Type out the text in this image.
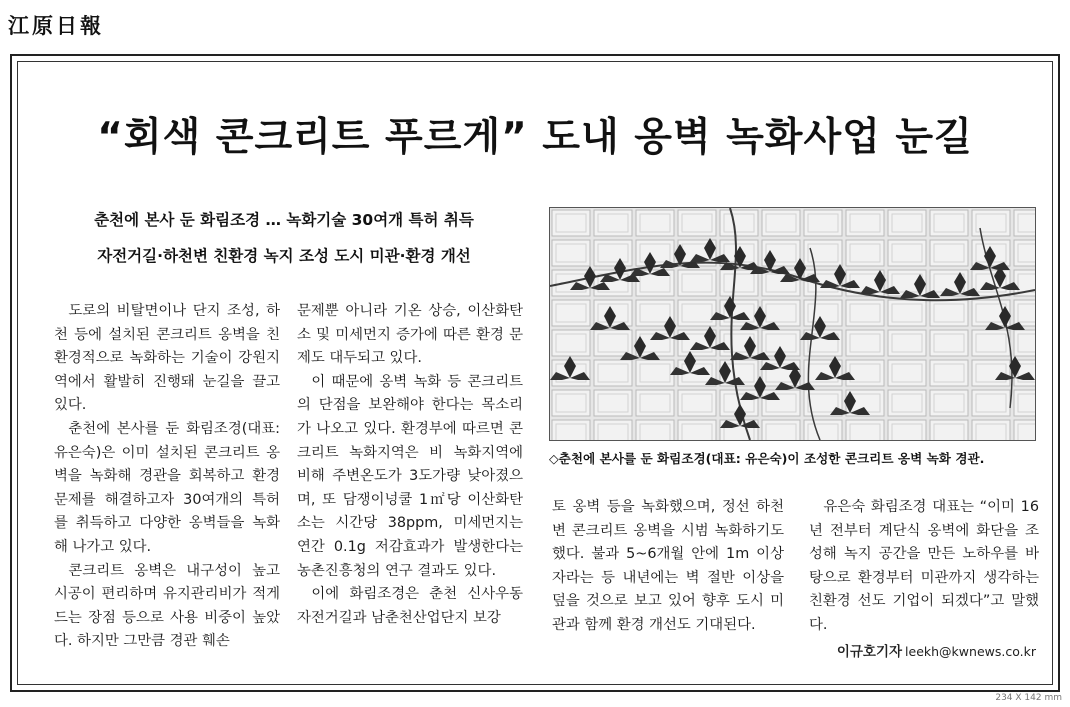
江原日報
“회색 콘크리트 푸르게” 도내 옹벽 녹화사업 눈길
춘천에 본사 둔 화림조경 … 녹화기술 30여개 특허 취득
자전거길·하천변 친환경 녹지 조성 도시 미관·환경 개선

도로의 비탈면이나 단지 조성, 하천 등에 설치된 콘크리트 옹벽을 친환경적으로 녹화하는 기술이 강원지역에서 활발히 진행돼 눈길을 끌고 있다.

춘천에 본사를 둔 화림조경(대표:유은숙)은 이미 설치된 콘크리트 옹벽을 녹화해 경관을 회복하고 환경 문제를 해결하고자 30여개의 특허를 취득하고 다양한 옹벽들을 녹화해 나가고 있다.

콘크리트 옹벽은 내구성이 높고 시공이 편리하며 유지관리비가 적게 드는 장점 등으로 사용 비중이 높았다. 하지만 그만큼 경관 훼손

문제뿐 아니라 기온 상승, 이산화탄소 및 미세먼지 증가에 따른 환경 문제도 대두되고 있다.

이 때문에 옹벽 녹화 등 콘크리트의 단점을 보완해야 한다는 목소리가 나오고 있다. 환경부에 따르면 콘크리트 녹화지역은 비 녹화지역에 비해 주변온도가 3도가량 낮아졌으며, 또 담쟁이넝쿨 1㎡당 이산화탄소는 시간당 38ppm, 미세먼지는 연간 0.1g 저감효과가 발생한다는 농촌진흥청의 연구 결과도 있다.

이에 화림조경은 춘천 신사우동 자전거길과 남춘천산업단지 보강

◇춘천에 본사를 둔 화림조경(대표: 유은숙)이 조성한 콘크리트 옹벽 녹화 경관.

토 옹벽 등을 녹화했으며, 정선 하천변 콘크리트 옹벽을 시범 녹화하기도 했다. 불과 5~6개월 안에 1m 이상 자라는 등 내년에는 벽 절반 이상을 덮을 것으로 보고 있어 향후 도시 미관과 함께 환경 개선도 기대된다.

유은숙 화림조경 대표는 “이미 16년 전부터 계단식 옹벽에 화단을 조성해 녹지 공간을 만든 노하우를 바탕으로 환경부터 미관까지 생각하는 친환경 선도 기업이 되겠다”고 말했다.

이규호기자 leekh@kwnews.co.kr
234 X 142 mm
